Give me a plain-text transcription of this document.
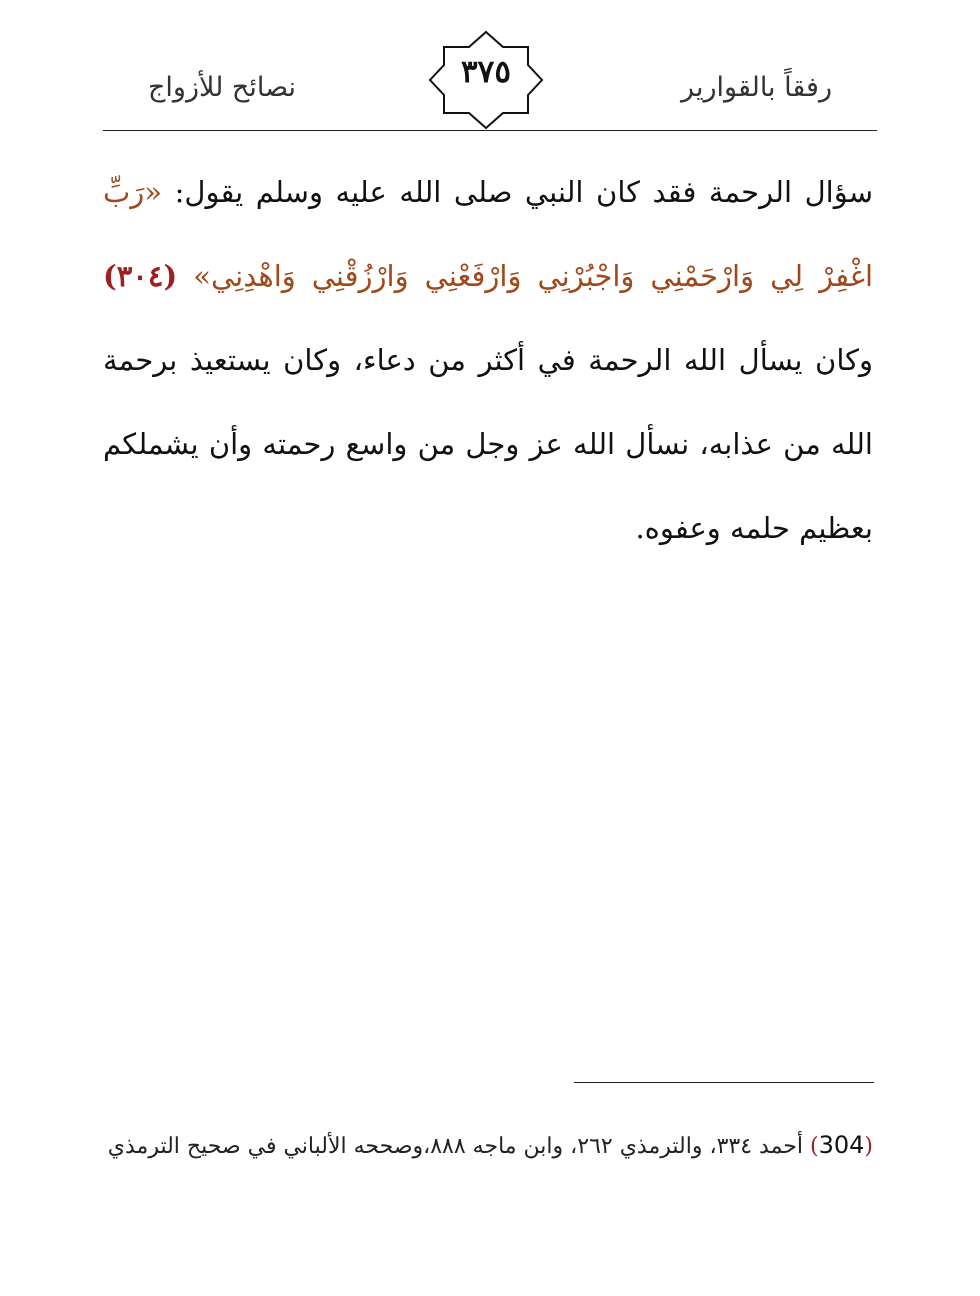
رفقاً بالقوارير
٣٧٥
نصائح للأزواج
سؤال الرحمة فقد كان النبي صلى الله عليه وسلم يقول: «رَبِّ اغْفِرْ لِي وَارْحَمْنِي وَاجْبُرْنِي وَارْفَعْنِي وَارْزُقْنِي وَاهْدِنِي» (٣٠٤) وكان يسأل الله الرحمة في أكثر من دعاء، وكان يستعيذ برحمة الله من عذابه، نسأل الله عز وجل من واسع رحمته وأن يشملكم بعظيم حلمه وعفوه.
(304) أحمد ٣٣٤، والترمذي ٢٦٢، وابن ماجه ٨٨٨،وصححه الألباني في صحيح الترمذي
